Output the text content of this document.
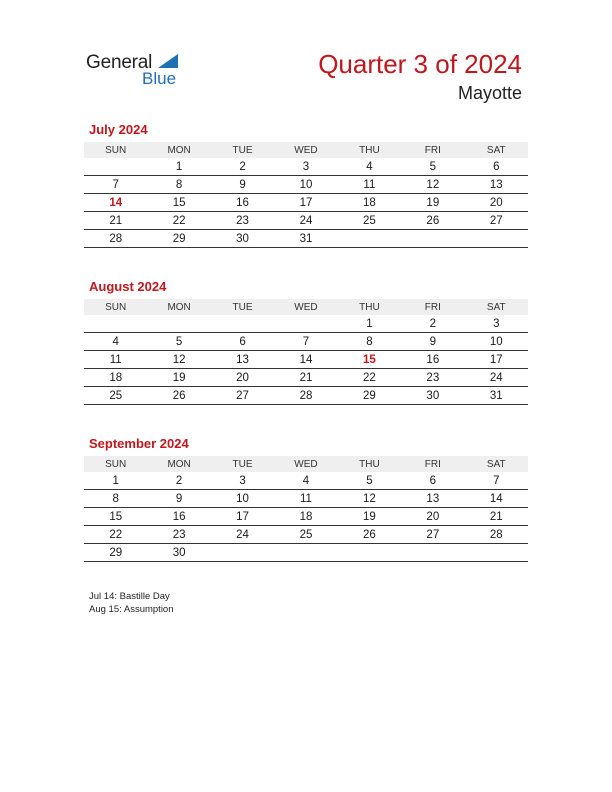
General
Blue	Quarter 3 of 2024
Mayotte
July 2024
SUN	MON	TUE	WED	THU	FRI	SAT
	1	2	3	4	5	6
7	8	9	10	11	12	13
14	15	16	17	18	19	20
21	22	23	24	25	26	27
28	29	30	31			
August 2024
SUN	MON	TUE	WED	THU	FRI	SAT
				1	2	3
4	5	6	7	8	9	10
11	12	13	14	15	16	17
18	19	20	21	22	23	24
25	26	27	28	29	30	31
September 2024
SUN	MON	TUE	WED	THU	FRI	SAT
1	2	3	4	5	6	7
8	9	10	11	12	13	14
15	16	17	18	19	20	21
22	23	24	25	26	27	28
29	30					
Jul 14: Bastille Day
Aug 15: Assumption
